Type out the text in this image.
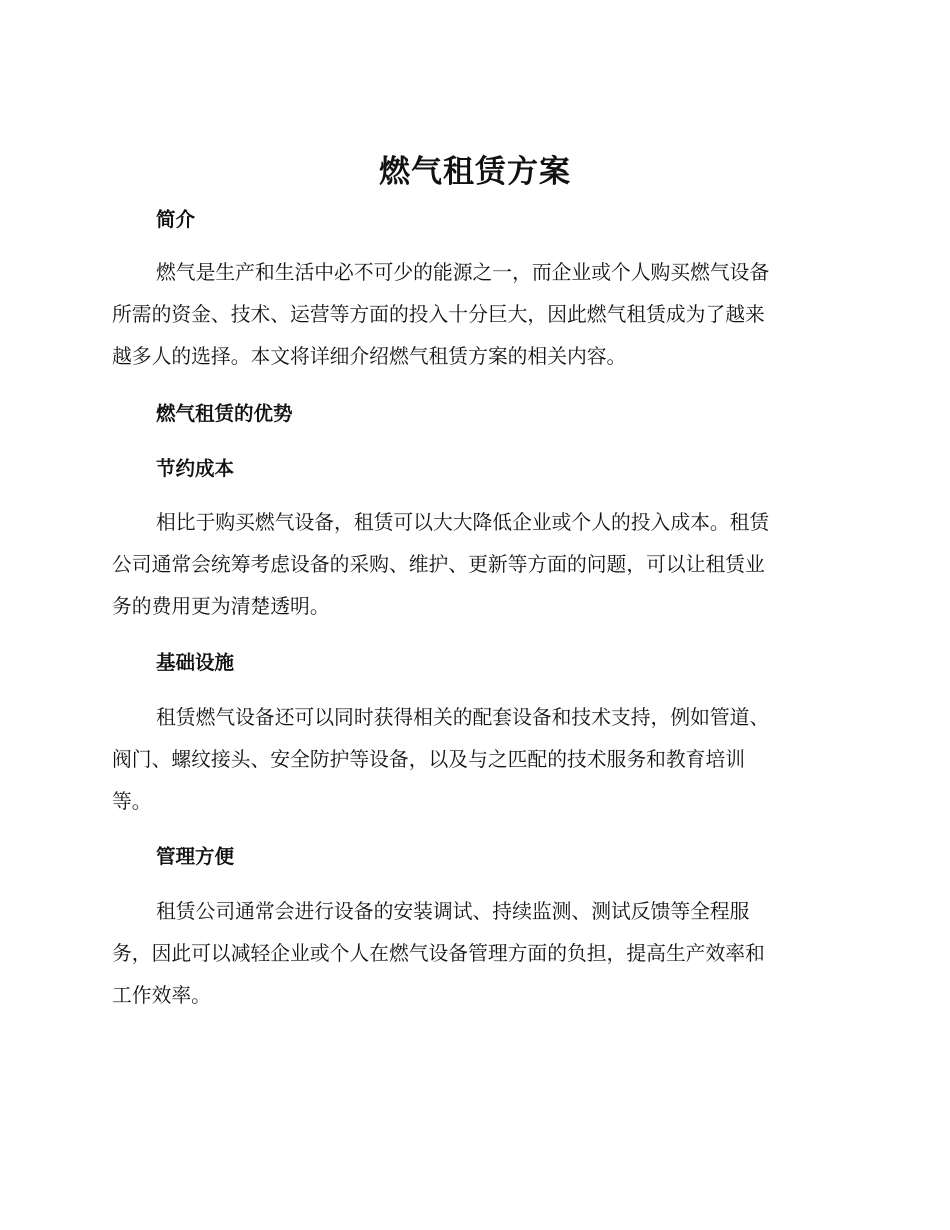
燃气租赁方案
简介

燃气是生产和生活中必不可少的能源之一，而企业或个人购买燃气设备
所需的资金、技术、运营等方面的投入十分巨大，因此燃气租赁成为了越来
越多人的选择。本文将详细介绍燃气租赁方案的相关内容。

燃气租赁的优势
节约成本

相比于购买燃气设备，租赁可以大大降低企业或个人的投入成本。租赁
公司通常会统筹考虑设备的采购、维护、更新等方面的问题，可以让租赁业
务的费用更为清楚透明。

基础设施

租赁燃气设备还可以同时获得相关的配套设备和技术支持，例如管道、
阀门、螺纹接头、安全防护等设备，以及与之匹配的技术服务和教育培训
等。

管理方便

租赁公司通常会进行设备的安装调试、持续监测、测试反馈等全程服
务，因此可以减轻企业或个人在燃气设备管理方面的负担，提高生产效率和
工作效率。
